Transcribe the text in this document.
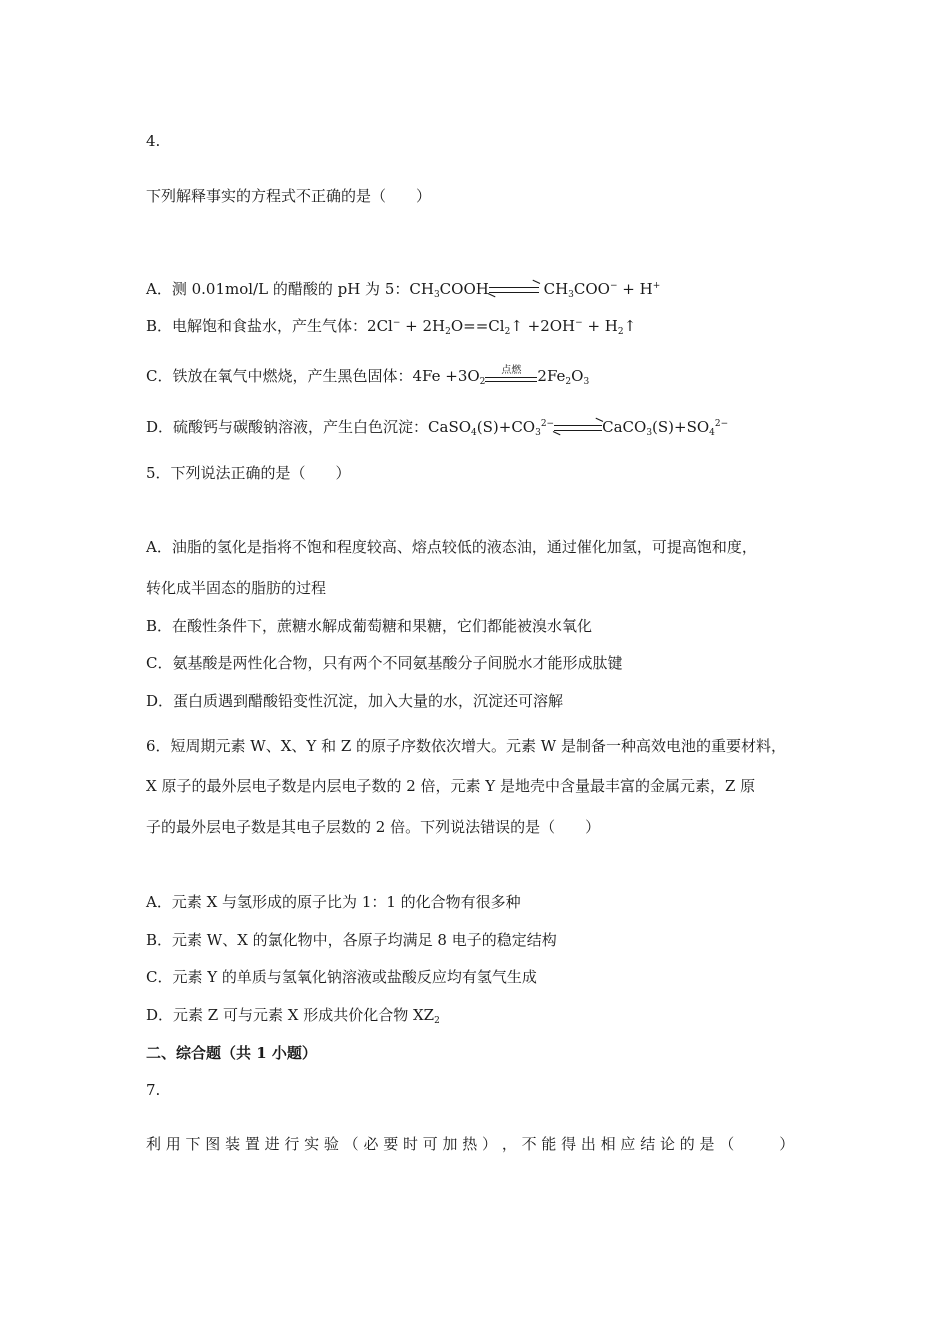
4.
下列解释事实的方程式不正确的是（　　）
A．测 0.01mol/L 的醋酸的 pH 为 5：$CH_3COOH\rightleftharpoons$ $CH_3COO^- + H^+$
B．电解饱和食盐水，产生气体：$2Cl^- + 2H_2O==Cl_2↑ +2OH^-$ + $H_2↑$
C．铁放在氧气中燃烧，产生黑色固体：$4Fe +3O_2$
点燃	$2Fe_2O_3$
D．硫酸钙与碳酸钠溶液，产生白色沉淀：$CaSO_4(S)+CO_3^{2-}\rightleftharpoons CaCO_3(S)+SO_4^{2-}$
5．下列说法正确的是（　　）
A．油脂的氢化是指将不饱和程度较高、熔点较低的液态油，通过催化加氢，可提高饱和度，
转化成半固态的脂肪的过程
B．在酸性条件下，蔗糖水解成葡萄糖和果糖，它们都能被溴水氧化
C．氨基酸是两性化合物，只有两个不同氨基酸分子间脱水才能形成肽键
D．蛋白质遇到醋酸铅变性沉淀，加入大量的水，沉淀还可溶解
6．短周期元素 W、X、Y 和 Z 的原子序数依次增大。元素 W 是制备一种高效电池的重要材料，
X 原子的最外层电子数是内层电子数的 2 倍，元素 Y 是地壳中含量最丰富的金属元素，Z 原
子的最外层电子数是其电子层数的 2 倍。下列说法错误的是（　　）
A．元素 X 与氢形成的原子比为 1：1 的化合物有很多种
B．元素 W、X 的氯化物中，各原子均满足 8 电子的稳定结构
C．元素 Y 的单质与氢氧化钠溶液或盐酸反应均有氢气生成
D．元素 Z 可与元素 X 形成共价化合物 $XZ_2$
二、综合题（共 1 小题）
7.
利 用 下 图 装 置 进 行 实 验 （ 必 要 时 可 加 热 ） ， 不 能 得 出 相 应 结 论 的 是 （　　　）
